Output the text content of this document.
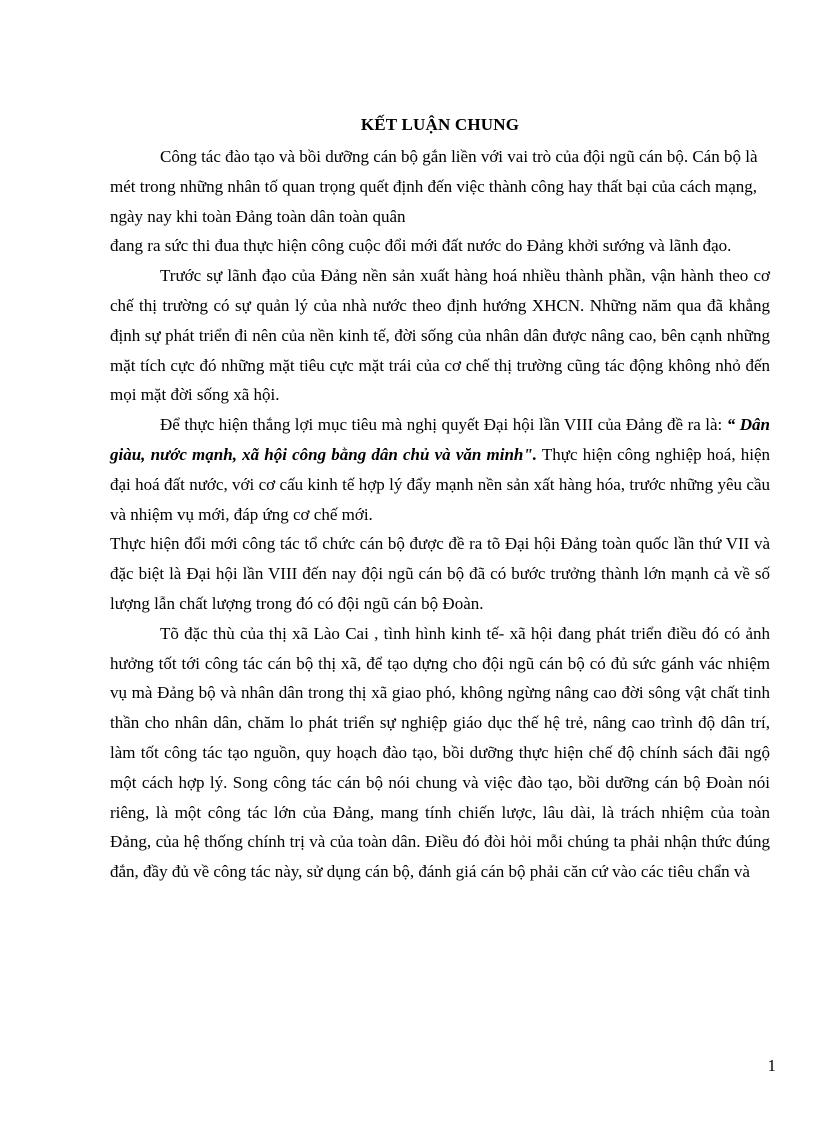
KẾT LUẬN CHUNG

Công tác đào tạo và bồi dưỡng cán bộ gắn liền với vai trò của đội ngũ cán bộ. Cán bộ là mét trong những nhân tố quan trọng quết định đến việc thành công hay thất bại của cách mạng, ngày nay khi toàn Đảng toàn dân toàn quân

đang ra sức thi đua thực hiện công cuộc đổi mới đất nước do Đảng khởi sướng và lãnh đạo.

Trước sự lãnh đạo của Đảng nền sản xuất hàng hoá nhiều thành phần, vận hành theo cơ chế thị trường có sự quản lý của nhà nước theo định hướng XHCN. Những năm qua đã khẳng định sự phát triển đi nên của nền kinh tế, đời sống của nhân dân được nâng cao, bên cạnh những mặt tích cực đó những mặt tiêu cực mặt trái của cơ chế thị trường cũng tác động không nhỏ đến mọi mặt đời sống xã hội.

Để thực hiện thắng lợi mục tiêu mà nghị quyết Đại hội lần VIII của Đảng đề ra là: “ Dân giàu, nước mạnh, xã hội công bằng dân chủ và văn minh". Thực hiện công nghiệp hoá, hiện đại hoá đất nước, với cơ cấu kinh tế hợp lý đẩy mạnh nền sản xất hàng hóa, trước những yêu cầu và nhiệm vụ mới, đáp ứng cơ chế mới.

Thực hiện đổi mới công tác tổ chức cán bộ được đề ra tõ Đại hội Đảng toàn quốc lần thứ VII và đặc biệt là Đại hội lần VIII đến nay đội ngũ cán bộ đã có bước trưởng thành lớn mạnh cả về số lượng lẫn chất lượng trong đó có đội ngũ cán bộ Đoàn.

Tõ đặc thù của thị xã Lào Cai , tình hình kinh tế- xã hội đang phát triển điều đó có ảnh hưởng tốt tới công tác cán bộ thị xã, để tạo dựng cho đội ngũ cán bộ có đủ sức gánh vác nhiệm vụ mà Đảng bộ và nhân dân trong thị xã giao phó, không ngừng nâng cao đời sông vật chất tinh thần cho nhân dân, chăm lo phát triển sự nghiệp giáo dục thế hệ trẻ, nâng cao trình độ dân trí, làm tốt công tác tạo nguồn, quy hoạch đào tạo, bồi dưỡng thực hiện chế độ chính sách đãi ngộ một cách hợp lý. Song công tác cán bộ nói chung và việc đào tạo, bồi dưỡng cán bộ Đoàn nói riêng, là một công tác lớn của Đảng, mang tính chiến lược, lâu dài, là trách nhiệm của toàn Đảng, của hệ thống chính trị và của toàn dân. Điều đó đòi hỏi mỗi chúng ta phải nhận thức đúng đắn, đầy đủ về công tác này, sử dụng cán bộ, đánh giá cán bộ phải căn cứ vào các tiêu chẩn và

1
